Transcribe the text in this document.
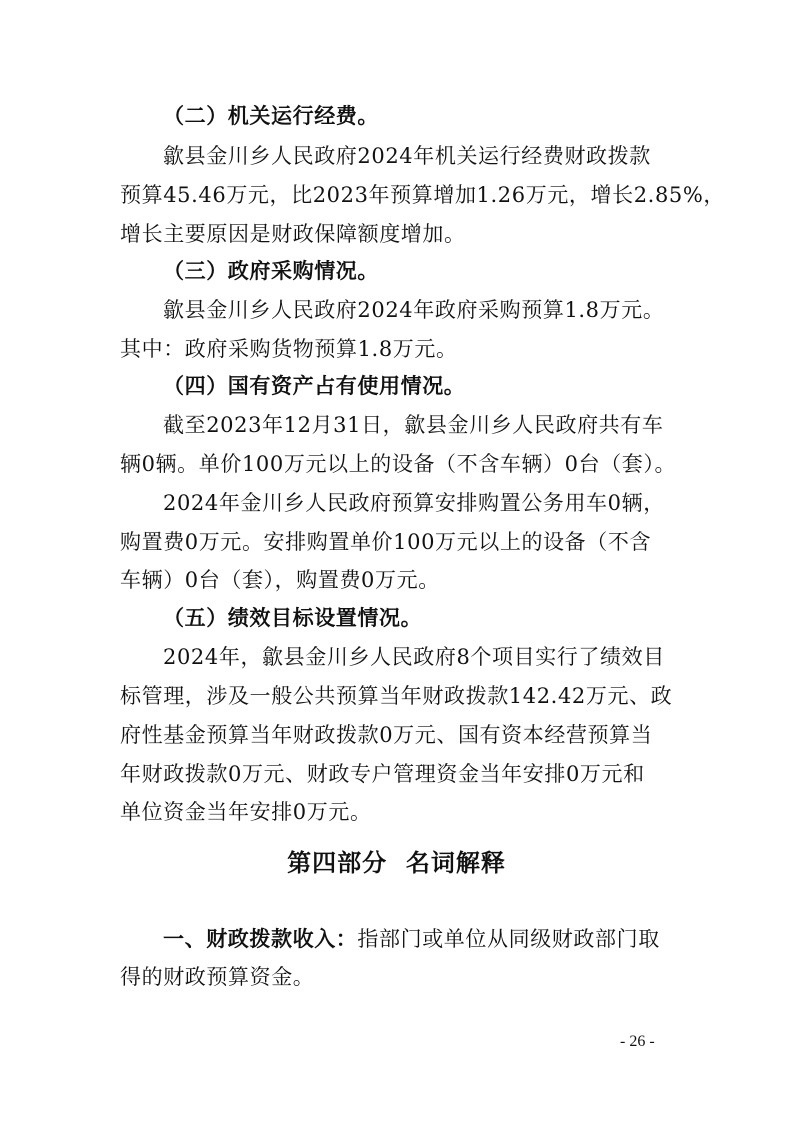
（二）机关运行经费。
歙县金川乡人民政府2024年机关运行经费财政拨款
预算45.46万元，比2023年预算增加1.26万元，增长2.85%，
增长主要原因是财政保障额度增加。
（三）政府采购情况。
歙县金川乡人民政府2024年政府采购预算1.8万元。
其中：政府采购货物预算1.8万元。
（四）国有资产占有使用情况。
截至2023年12月31日，歙县金川乡人民政府共有车
辆0辆。单价100万元以上的设备（不含车辆）0台（套）。
2024年金川乡人民政府预算安排购置公务用车0辆，
购置费0万元。安排购置单价100万元以上的设备（不含
车辆）0台（套），购置费0万元。
（五）绩效目标设置情况。
2024年，歙县金川乡人民政府8个项目实行了绩效目
标管理，涉及一般公共预算当年财政拨款142.42万元、政
府性基金预算当年财政拨款0万元、国有资本经营预算当
年财政拨款0万元、财政专户管理资金当年安排0万元和
单位资金当年安排0万元。
第四部分  名词解释
一、财政拨款收入：指部门或单位从同级财政部门取
得的财政预算资金。
- 26 -
